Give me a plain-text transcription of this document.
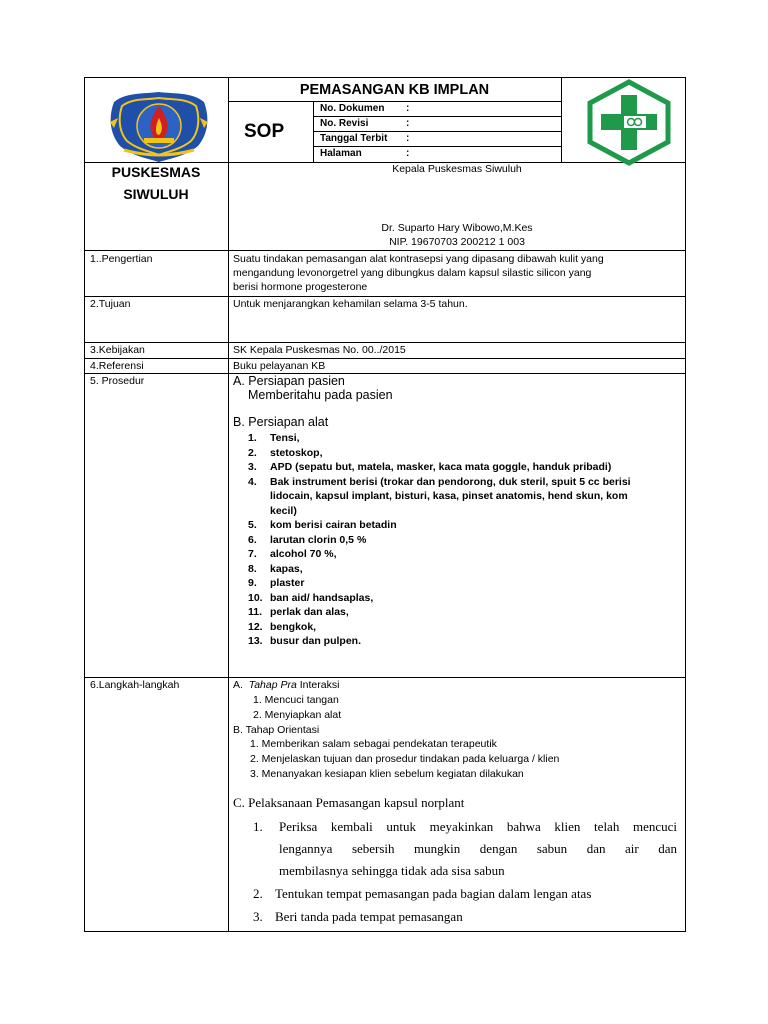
PEMASANGAN KB IMPLAN
SOP
No. Dokumen :
No. Revisi	:
Tanggal Terbit :
Halaman	:
PUSKESMAS
SIWULUH
Kepala Puskesmas Siwuluh
Dr. Suparto Hary Wibowo,M.Kes
NIP. 19670703 200212 1 003
1..Pengertian	Suatu tindakan pemasangan alat kontrasepsi yang dipasang dibawah kulit yang
mengandung levonorgetrel yang dibungkus dalam kapsul silastic silicon yang
berisi hormone progesterone
2.Tujuan	Untuk menjarangkan kehamilan selama 3-5 tahun.
3.Kebijakan	SK Kepala Puskesmas No. 00../2015
4.Referensi	Buku pelayanan KB
5. Prosedur	A. Persiapan pasien
Memberitahu pada pasien
B. Persiapan alat
1. Tensi,
2. stetoskop,
3. APD (sepatu but, matela, masker, kaca mata goggle, handuk pribadi)
4. Bak instrument berisi (trokar dan pendorong, duk steril, spuit 5 cc berisi
lidocain, kapsul implant, bisturi, kasa, pinset anatomis, hend skun, kom
kecil)
5. kom berisi cairan betadin
6. larutan clorin 0,5 %
7. alcohol 70 %,
8. kapas,
9. plaster
10. ban aid/ handsaplas,
11. perlak dan alas,
12. bengkok,
13. busur dan pulpen.
6.Langkah-langkah	A. Tahap Pra Interaksi
1. Mencuci tangan
2. Menyiapkan alat
B. Tahap Orientasi
1. Memberikan salam sebagai pendekatan terapeutik
2. Menjelaskan tujuan dan prosedur tindakan pada keluarga / klien
3. Menanyakan kesiapan klien sebelum kegiatan dilakukan
C. Pelaksanaan Pemasangan kapsul norplant
1. Periksa kembali untuk meyakinkan bahwa klien telah mencuci
lengannya sebersih mungkin dengan sabun dan air dan
membilasnya sehingga tidak ada sisa sabun
2. Tentukan tempat pemasangan pada bagian dalam lengan atas
3. Beri tanda pada tempat pemasangan
